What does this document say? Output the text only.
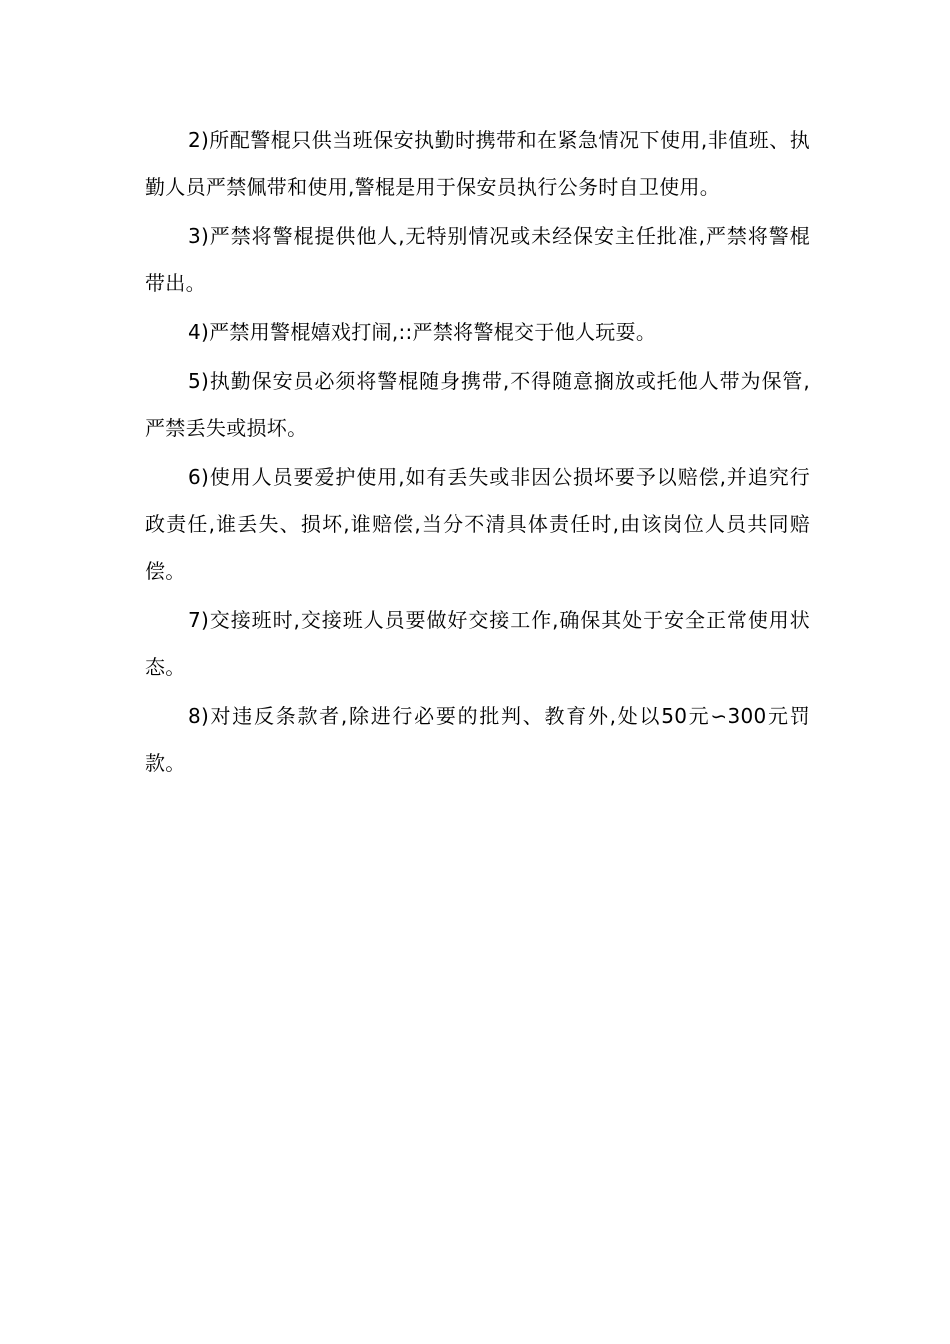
2)所配警棍只供当班保安执勤时携带和在紧急情况下使用,非值班、执勤人员严禁佩带和使用,警棍是用于保安员执行公务时自卫使用。

3)严禁将警棍提供他人,无特别情况或未经保安主任批准,严禁将警棍带出。

4)严禁用警棍嬉戏打闹,::严禁将警棍交于他人玩耍。

5)执勤保安员必须将警棍随身携带,不得随意搁放或托他人带为保管,严禁丢失或损坏。

6)使用人员要爱护使用,如有丢失或非因公损坏要予以赔偿,并追究行政责任,谁丢失、损坏,谁赔偿,当分不清具体责任时,由该岗位人员共同赔偿。

7)交接班时,交接班人员要做好交接工作,确保其处于安全正常使用状态。

8)对违反条款者,除进行必要的批判、教育外,处以50元∽300元罚款。
